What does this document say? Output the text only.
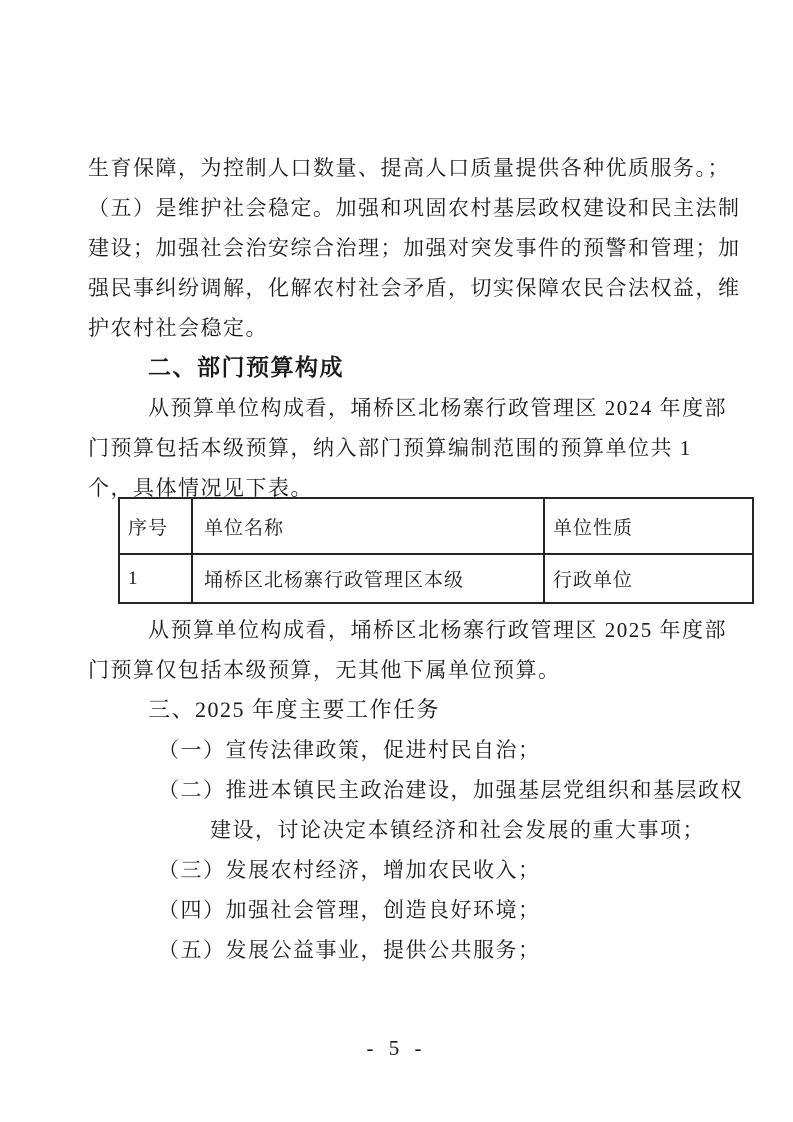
生育保障，为控制人口数量、提高人口质量提供各种优质服务。；
（五）是维护社会稳定。加强和巩固农村基层政权建设和民主法制
建设；加强社会治安综合治理；加强对突发事件的预警和管理；加
强民事纠纷调解，化解农村社会矛盾，切实保障农民合法权益，维
护农村社会稳定。
二、部门预算构成
从预算单位构成看，埇桥区北杨寨行政管理区 2024 年度部
门预算包括本级预算，纳入部门预算编制范围的预算单位共 1
个，具体情况见下表。
序号	单位名称	单位性质
1	埇桥区北杨寨行政管理区本级	行政单位
从预算单位构成看，埇桥区北杨寨行政管理区 2025 年度部
门预算仅包括本级预算，无其他下属单位预算。
三、2025 年度主要工作任务
（一）宣传法律政策，促进村民自治；
（二）推进本镇民主政治建设，加强基层党组织和基层政权
建设，讨论决定本镇经济和社会发展的重大事项；
（三）发展农村经济，增加农民收入；
（四）加强社会管理，创造良好环境；
（五）发展公益事业，提供公共服务；
- 5 -
